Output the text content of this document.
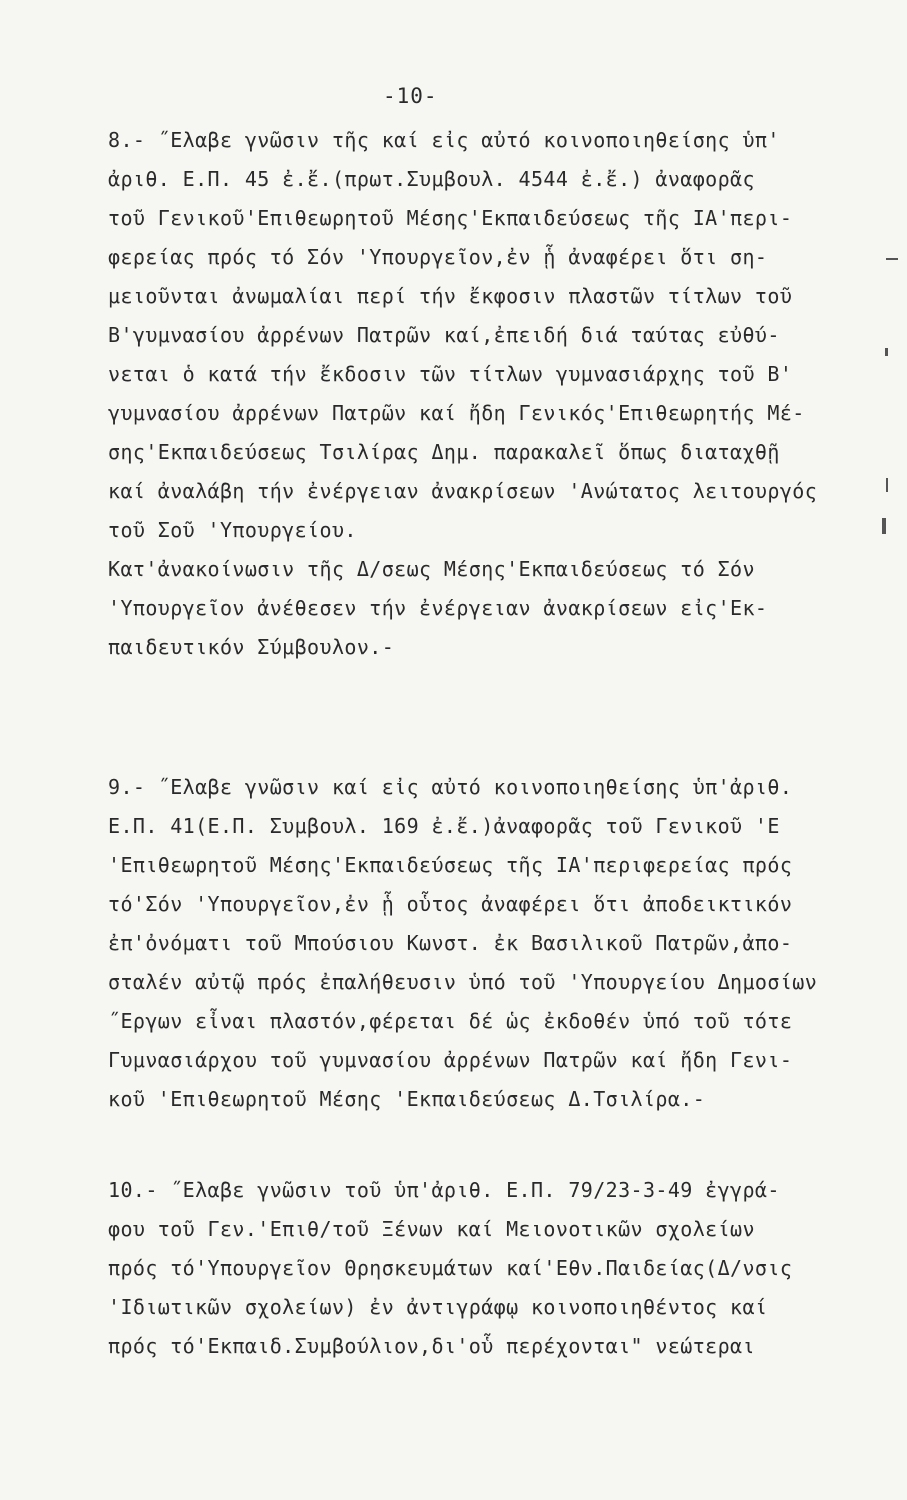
-10-
8.- ˝Ελαβε γνῶσιν τῆς καί εἰς αὐτό κοινοποιηθείσης ὑπ'
ἀριθ. Ε.Π. 45 ἐ.ἔ.(πρωτ.Συμβουλ. 4544 ἐ.ἔ.) ἀναφορᾶς
τοῦ Γενικοῦ'Επιθεωρητοῦ Μέσης'Εκπαιδεύσεως τῆς ΙΑ'περι-
φερείας πρός τό Σόν 'Υπουργεῖον,ἐν ᾗ ἀναφέρει ὅτι ση-
μειοῦνται ἀνωμαλίαι περί τήν ἔκφοσιν πλαστῶν τίτλων τοῦ
Β'γυμνασίου ἀρρένων Πατρῶν καί,ἐπειδή διά ταύτας εὐθύ-
νεται ὁ κατά τήν ἔκδοσιν τῶν τίτλων γυμνασιάρχης τοῦ Β'
γυμνασίου ἀρρένων Πατρῶν καί ἤδη Γενικός'Επιθεωρητής Μέ-
σης'Εκπαιδεύσεως Τσιλίρας Δημ. παρακαλεῖ ὅπως διαταχθῇ
καί ἀναλάβη τήν ἐνέργειαν ἀνακρίσεων 'Ανώτατος λειτουργός
τοῦ Σοῦ 'Υπουργείου.
Κατ'ἀνακοίνωσιν τῆς Δ/σεως Μέσης'Εκπαιδεύσεως τό Σόν
'Υπουργεῖον ἀνέθεσεν τήν ἐνέργειαν ἀνακρίσεων εἰς'Εκ-
παιδευτικόν Σύμβουλον.-
9.- ˝Ελαβε γνῶσιν καί εἰς αὐτό κοινοποιηθείσης ὑπ'ἀριθ.
Ε.Π. 41(Ε.Π. Συμβουλ. 169 ἐ.ἔ.)ἀναφορᾶς τοῦ Γενικοῦ 'Ε
'Επιθεωρητοῦ Μέσης'Εκπαιδεύσεως τῆς ΙΑ'περιφερείας πρός
τό'Σόν 'Υπουργεῖον,ἐν ᾗ οὗτος ἀναφέρει ὅτι ἀποδεικτικόν
ἐπ'ὀνόματι τοῦ Μπούσιου Κωνστ. ἐκ Βασιλικοῦ Πατρῶν,ἀπο-
σταλέν αὐτῷ πρός ἐπαλήθευσιν ὑπό τοῦ 'Υπουργείου Δημοσίων
˝Εργων εἶναι πλαστόν,φέρεται δέ ὡς ἐκδοθέν ὑπό τοῦ τότε
Γυμνασιάρχου τοῦ γυμνασίου ἀρρένων Πατρῶν καί ἤδη Γενι-
κοῦ 'Επιθεωρητοῦ Μέσης 'Εκπαιδεύσεως Δ.Τσιλίρα.-
10.- ˝Ελαβε γνῶσιν τοῦ ὑπ'ἀριθ. Ε.Π. 79/23-3-49 ἐγγρά-
φου τοῦ Γεν.'Επιθ/τοῦ Ξένων καί Μειονοτικῶν σχολείων
πρός τό'Υπουργεῖον Θρησκευμάτων καί'Εθν.Παιδείας(Δ/νσις
'Ιδιωτικῶν σχολείων) ἐν ἀντιγράφῳ κοινοποιηθέντος καί
πρός τό'Εκπαιδ.Συμβούλιον,δι'οὗ περέχονται" νεώτεραι
